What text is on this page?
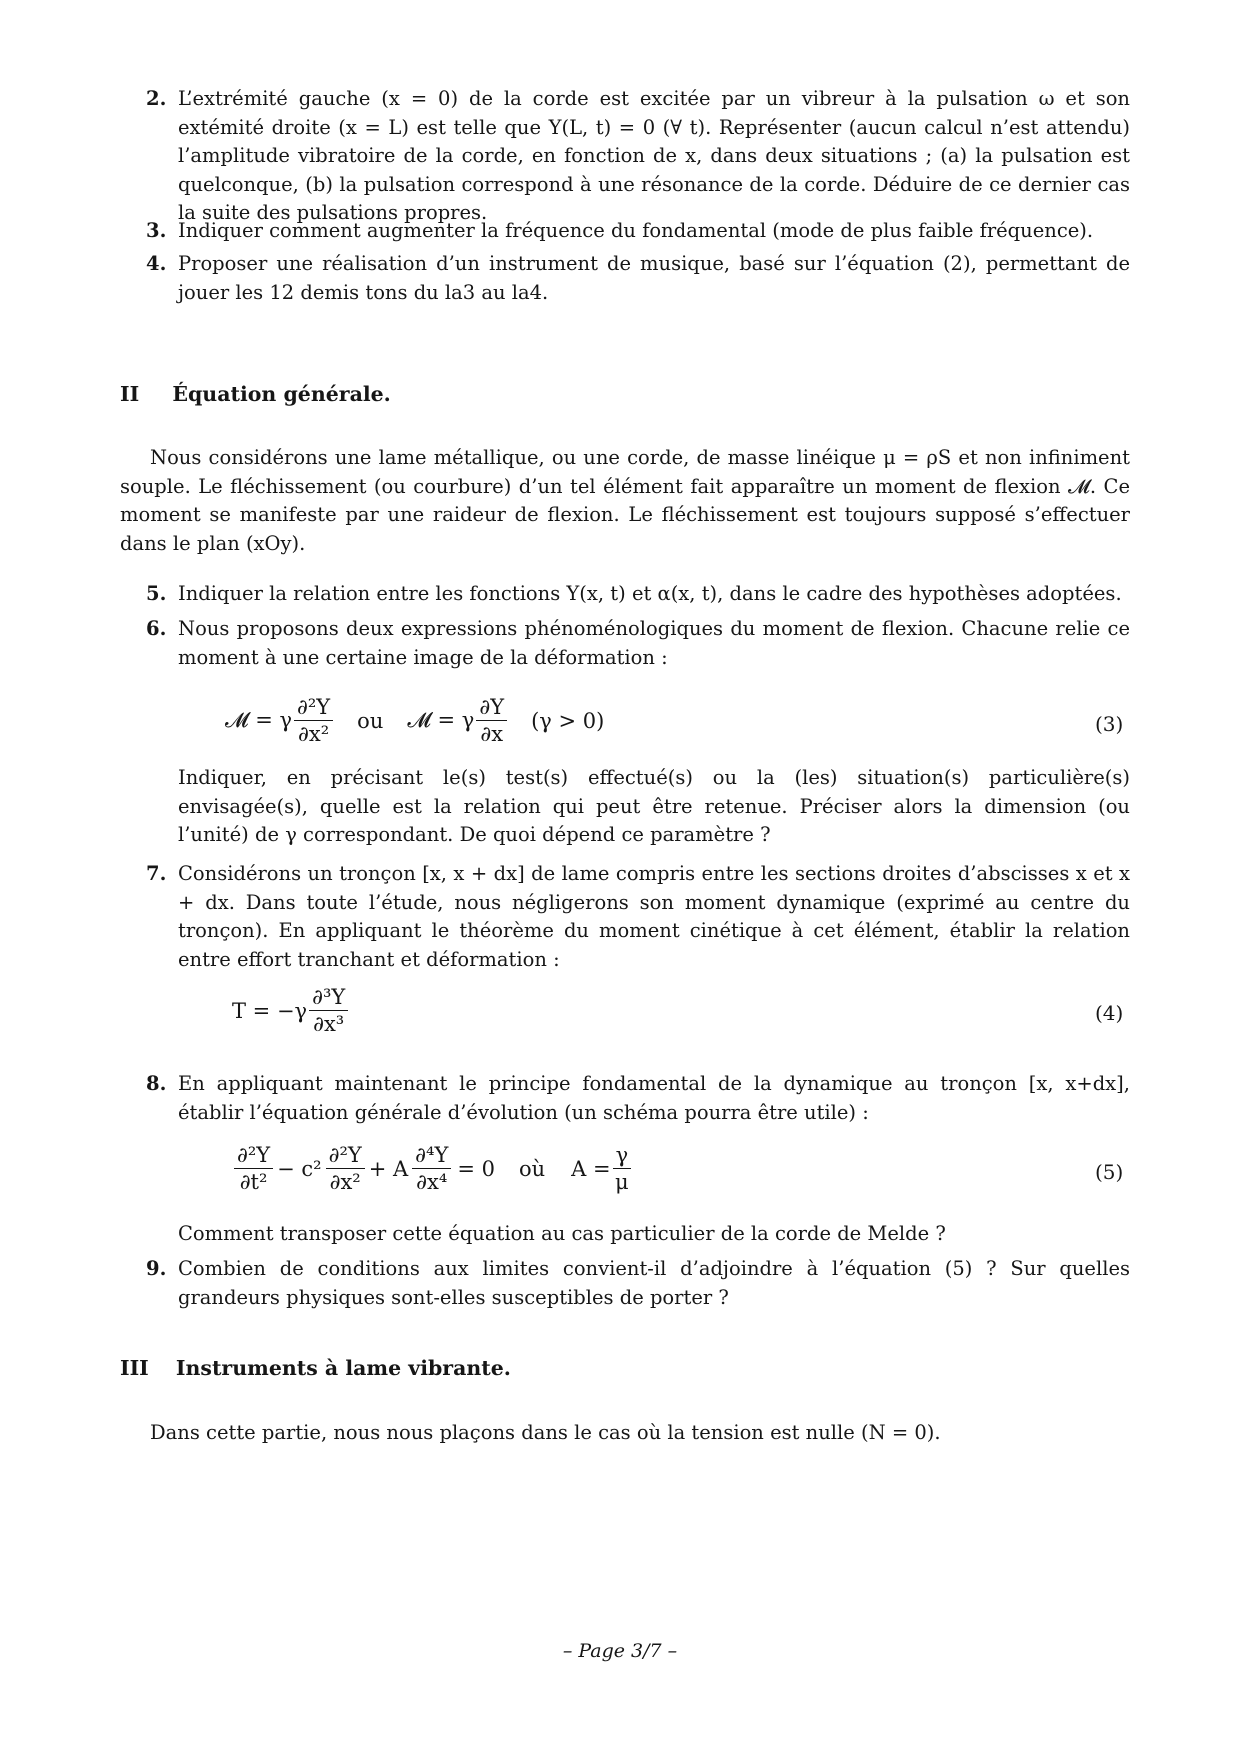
2. L’extrémité gauche (x = 0) de la corde est excitée par un vibreur à la pulsation ω et son extémité droite (x = L) est telle que Y(L, t) = 0 (∀ t). Représenter (aucun calcul n’est attendu) l’amplitude vibratoire de la corde, en fonction de x, dans deux situations ; (a) la pulsation est quelconque, (b) la pulsation correspond à une résonance de la corde. Déduire de ce dernier cas la suite des pulsations propres.
3. Indiquer comment augmenter la fréquence du fondamental (mode de plus faible fréquence).
4. Proposer une réalisation d’un instrument de musique, basé sur l’équation (2), permettant de jouer les 12 demis tons du la3 au la4.
II Équation générale.
Nous considérons une lame métallique, ou une corde, de masse linéique μ = ρS et non infiniment souple. Le fléchissement (ou courbure) d’un tel élément fait apparaître un moment de flexion 𝓜. Ce moment se manifeste par une raideur de flexion. Le fléchissement est toujours supposé s’effectuer dans le plan (xOy).
5. Indiquer la relation entre les fonctions Y(x, t) et α(x, t), dans le cadre des hypothèses adoptées.
6. Nous proposons deux expressions phénoménologiques du moment de flexion. Chacune relie ce moment à une certaine image de la déformation :
𝓜 = γ $\frac{\text{∂²Y}}{\text{∂x²}}$ ou 𝓜 = γ $\frac{\partial Y}{\partial x} (\gamma > 0)$	(3)
Indiquer, en précisant le(s) test(s) effectué(s) ou la (les) situation(s) particulière(s) envisagée(s), quelle est la relation qui peut être retenue. Préciser alors la dimension (ou l’unité) de γ correspondant. De quoi dépend ce paramètre ?
7. Considérons un tronçon [x, x + dx] de lame compris entre les sections droites d’abscisses x et x + dx. Dans toute l’étude, nous négligerons son moment dynamique (exprimé au centre du tronçon). En appliquant le théorème du moment cinétique à cet élément, établir la relation entre effort tranchant et déformation :
$T = -\gamma \frac{\text{∂³Y}}{\text{∂x³}}$	(4)
8. En appliquant maintenant le principe fondamental de la dynamique au tronçon [x, x+dx], établir l’équation générale d’évolution (un schéma pourra être utile) :
$\frac{\text{∂²Y}}{\text{∂t²}} - c^2 \frac{\text{∂²Y}}{\text{∂x²}} + A \frac{\text{∂⁴Y}}{\text{∂x⁴}} = 0$ où $A = \frac{\gamma}{\mu}$	(5)
Comment transposer cette équation au cas particulier de la corde de Melde ?
9. Combien de conditions aux limites convient-il d’adjoindre à l’équation (5) ? Sur quelles grandeurs physiques sont-elles susceptibles de porter ?
III Instruments à lame vibrante.
Dans cette partie, nous nous plaçons dans le cas où la tension est nulle (N = 0).
– Page 3/7 –
